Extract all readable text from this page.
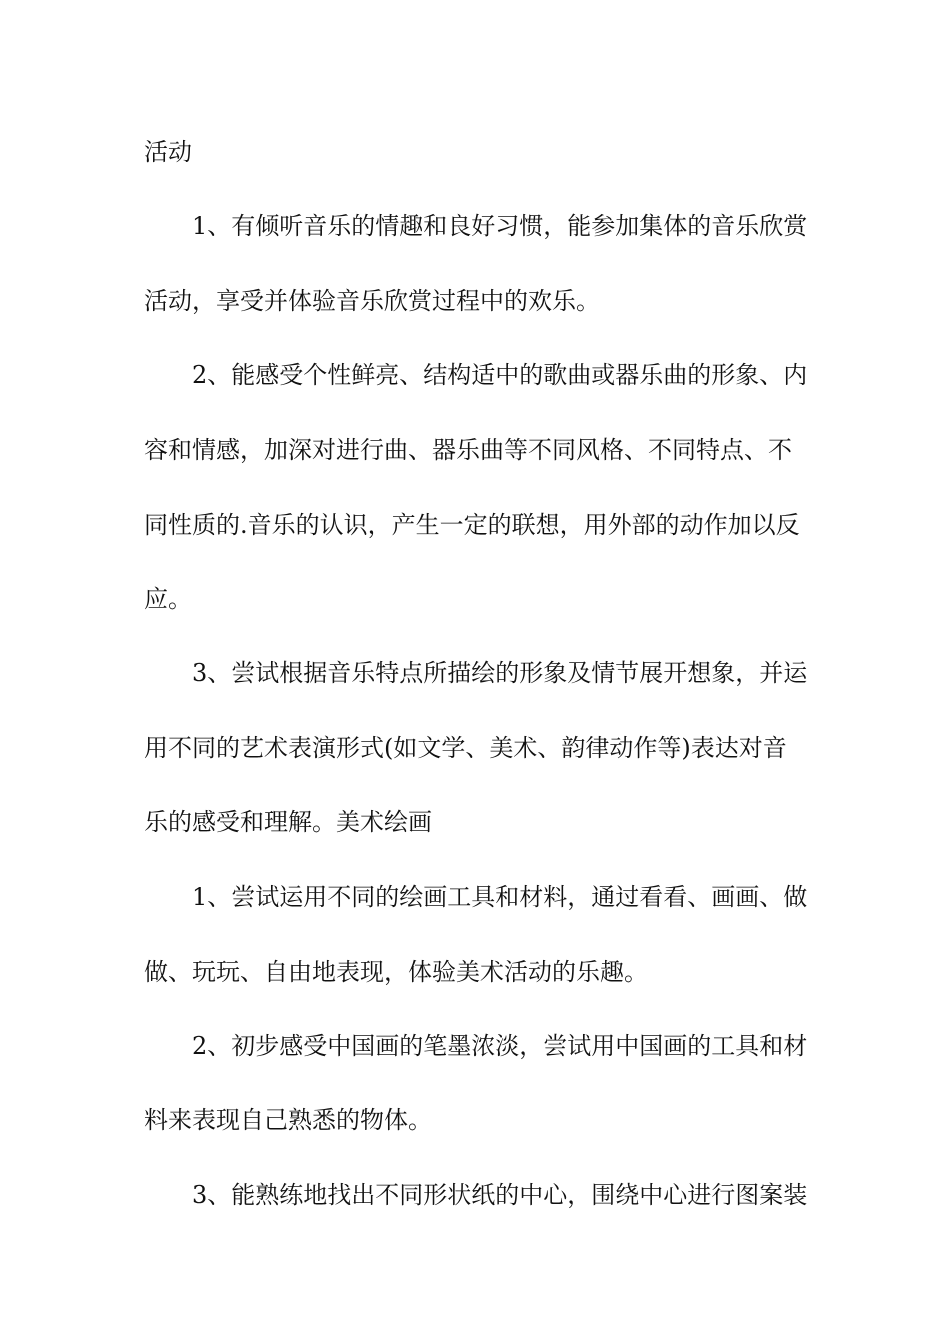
活动
1、有倾听音乐的情趣和良好习惯，能参加集体的音乐欣赏
活动，享受并体验音乐欣赏过程中的欢乐。
2、能感受个性鲜亮、结构适中的歌曲或器乐曲的形象、内
容和情感，加深对进行曲、器乐曲等不同风格、不同特点、不
同性质的.音乐的认识，产生一定的联想，用外部的动作加以反
应。
3、尝试根据音乐特点所描绘的形象及情节展开想象，并运
用不同的艺术表演形式(如文学、美术、韵律动作等)表达对音
乐的感受和理解。美术绘画
1、尝试运用不同的绘画工具和材料，通过看看、画画、做
做、玩玩、自由地表现，体验美术活动的乐趣。
2、初步感受中国画的笔墨浓淡，尝试用中国画的工具和材
料来表现自己熟悉的物体。
3、能熟练地找出不同形状纸的中心，围绕中心进行图案装
